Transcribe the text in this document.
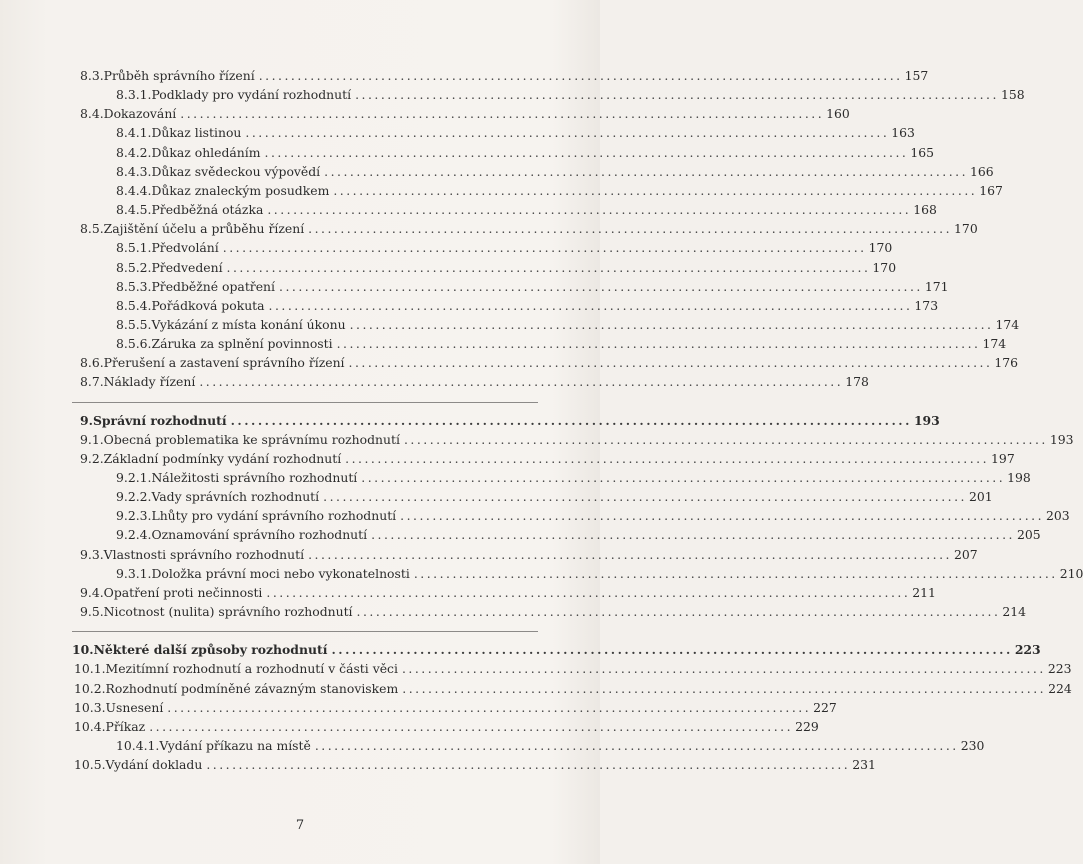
8.3. Průběh správního řízení .................................................................................................... 157
8.3.1. Podklady pro vydání rozhodnutí .................................................................................................... 158
8.4. Dokazování .................................................................................................... 160
8.4.1. Důkaz listinou .................................................................................................... 163
8.4.2. Důkaz ohledáním .................................................................................................... 165
8.4.3. Důkaz svědeckou výpovědí .................................................................................................... 166
8.4.4. Důkaz znaleckým posudkem .................................................................................................... 167
8.4.5. Předběžná otázka .................................................................................................... 168
8.5. Zajištění účelu a průběhu řízení .................................................................................................... 170
8.5.1. Předvolání .................................................................................................... 170
8.5.2. Předvedení .................................................................................................... 170
8.5.3. Předběžné opatření .................................................................................................... 171
8.5.4. Pořádková pokuta .................................................................................................... 173
8.5.5. Vykázání z místa konání úkonu .................................................................................................... 174
8.5.6. Záruka za splnění povinnosti .................................................................................................... 174
8.6. Přerušení a zastavení správního řízení .................................................................................................... 176
8.7. Náklady řízení .................................................................................................... 178
9. Správní rozhodnutí .................................................................................................... 193
9.1. Obecná problematika ke správnímu rozhodnutí .................................................................................................... 193
9.2. Základní podmínky vydání rozhodnutí .................................................................................................... 197
9.2.1. Náležitosti správního rozhodnutí .................................................................................................... 198
9.2.2. Vady správních rozhodnutí .................................................................................................... 201
9.2.3. Lhůty pro vydání správního rozhodnutí .................................................................................................... 203
9.2.4. Oznamování správního rozhodnutí .................................................................................................... 205
9.3. Vlastnosti správního rozhodnutí .................................................................................................... 207
9.3.1. Doložka právní moci nebo vykonatelnosti .................................................................................................... 210
9.4. Opatření proti nečinnosti .................................................................................................... 211
9.5. Nicotnost (nulita) správního rozhodnutí .................................................................................................... 214
10. Některé další způsoby rozhodnutí .................................................................................................... 223
10.1. Mezitímní rozhodnutí a rozhodnutí v části věci .................................................................................................... 223
10.2. Rozhodnutí podmíněné závazným stanoviskem .................................................................................................... 224
10.3. Usnesení .................................................................................................... 227
10.4. Příkaz .................................................................................................... 229
10.4.1. Vydání příkazu na místě .................................................................................................... 230
10.5. Vydání dokladu .................................................................................................... 231
7
